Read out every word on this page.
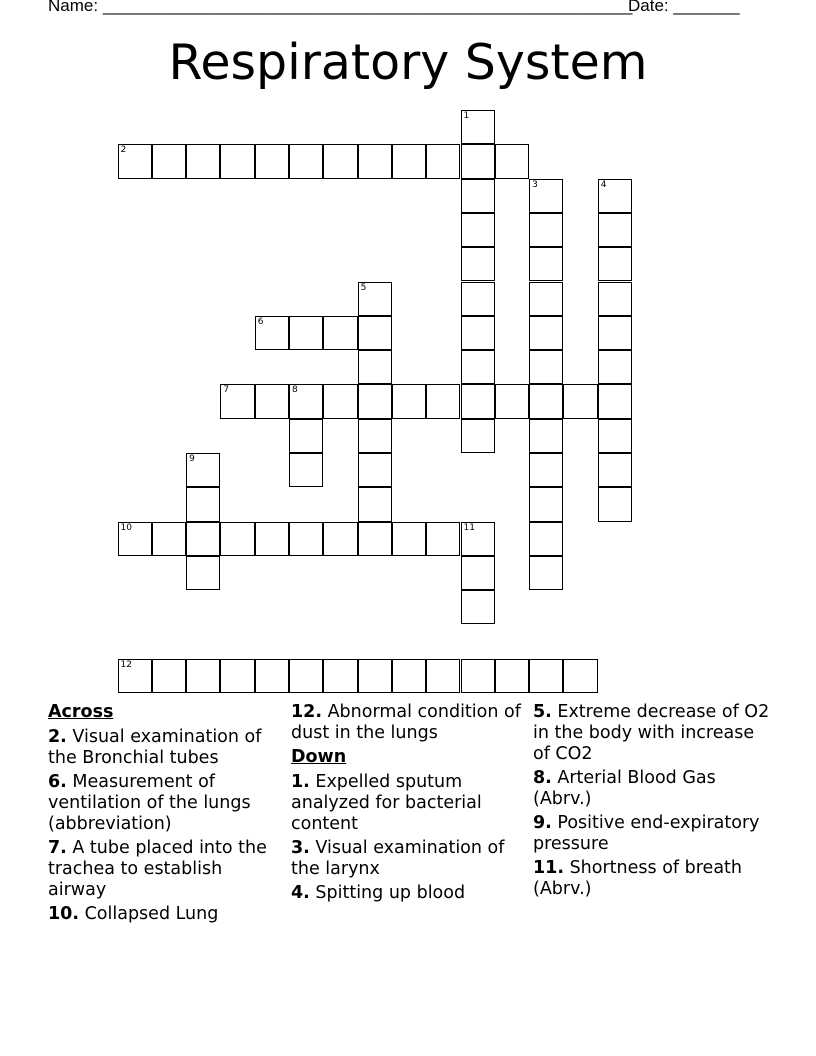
Name: ________________________________________________________
Date: _______
Respiratory System
1
2
3	4
5
6
7	8
9
10	11
12
Across
2. Visual examination of the Bronchial tubes
6. Measurement of ventilation of the lungs (abbreviation)
7. A tube placed into the trachea to establish airway
10. Collapsed Lung
12. Abnormal condition of dust in the lungs
Down
1. Expelled sputum analyzed for bacterial content
3. Visual examination of the larynx
4. Spitting up blood
5. Extreme decrease of O2 in the body with increase of CO2
8. Arterial Blood Gas (Abrv.)
9. Positive end-expiratory pressure
11. Shortness of breath (Abrv.)
